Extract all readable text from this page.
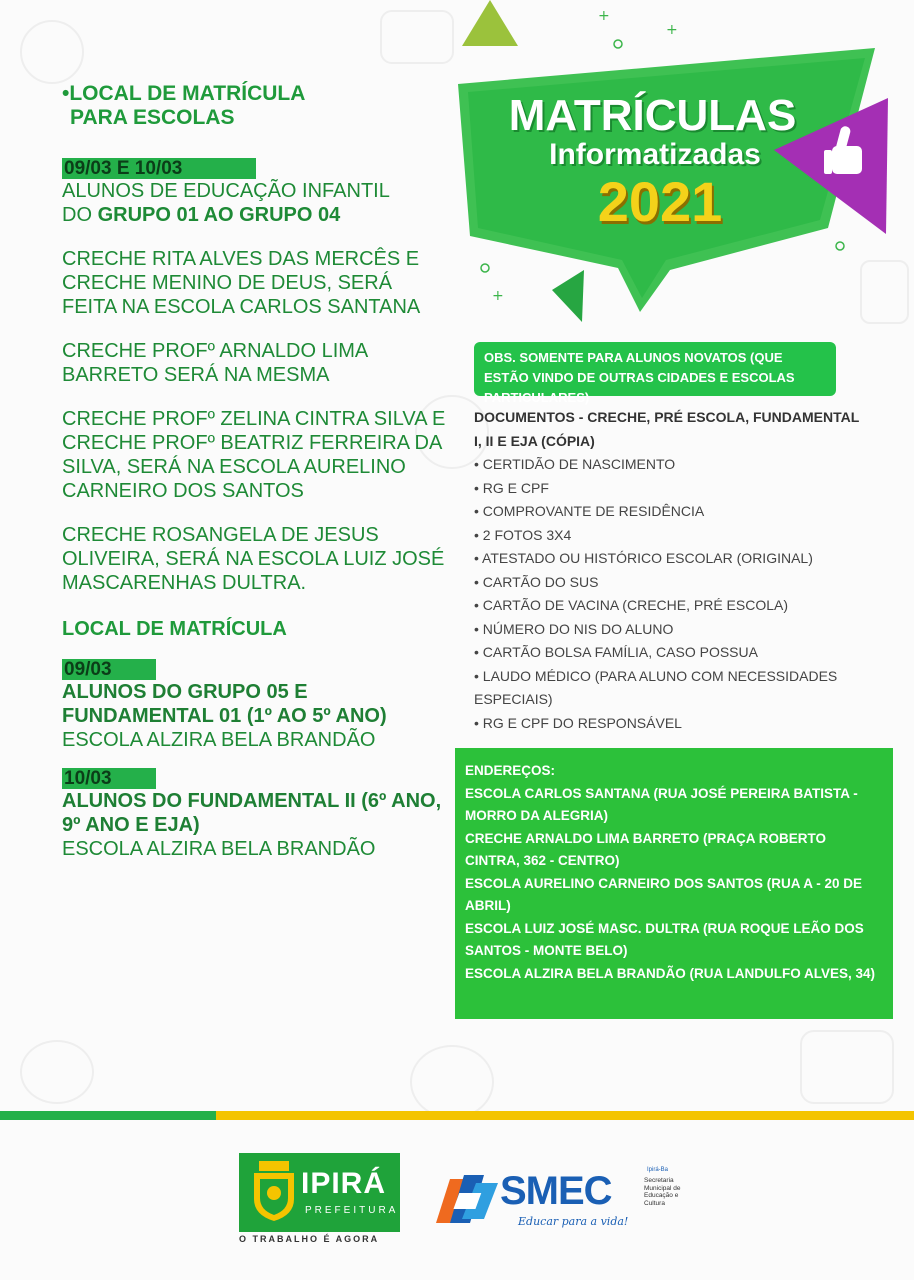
•LOCAL DE MATRÍCULA
PARA ESCOLAS
09/03 E 10/03
ALUNOS DE EDUCAÇÃO INFANTIL
DO GRUPO 01 AO GRUPO 04
CRECHE RITA ALVES DAS MERCÊS E CRECHE MENINO DE DEUS, SERÁ FEITA NA ESCOLA CARLOS SANTANA
CRECHE PROFº ARNALDO LIMA BARRETO SERÁ NA MESMA
CRECHE PROFº ZELINA CINTRA SILVA E CRECHE PROFº BEATRIZ FERREIRA DA SILVA, SERÁ NA ESCOLA AURELINO CARNEIRO DOS SANTOS
CRECHE ROSANGELA DE JESUS OLIVEIRA, SERÁ NA ESCOLA LUIZ JOSÉ MASCARENHAS DULTRA.
LOCAL DE MATRÍCULA
09/03
ALUNOS DO GRUPO 05 E FUNDAMENTAL 01 (1º AO 5º ANO)
ESCOLA ALZIRA BELA BRANDÃO
10/03
ALUNOS DO FUNDAMENTAL II (6º ANO, 9º ANO E EJA)
ESCOLA ALZIRA BELA BRANDÃO
+
+
+
MATRÍCULAS
Informatizadas
2021
OBS. SOMENTE PARA ALUNOS NOVATOS (QUE ESTÃO VINDO DE OUTRAS CIDADES E ESCOLAS PARTICULARES)
DOCUMENTOS - CRECHE, PRÉ ESCOLA, FUNDAMENTAL I, II E EJA (CÓPIA)
• CERTIDÃO DE NASCIMENTO
• RG E CPF
• COMPROVANTE DE RESIDÊNCIA
• 2 FOTOS 3X4
• ATESTADO OU HISTÓRICO ESCOLAR (ORIGINAL)
• CARTÃO DO SUS
• CARTÃO DE VACINA (CRECHE, PRÉ ESCOLA)
• NÚMERO DO NIS DO ALUNO
• CARTÃO BOLSA FAMÍLIA, CASO POSSUA
• LAUDO MÉDICO (PARA ALUNO COM NECESSIDADES ESPECIAIS)
• RG E CPF DO RESPONSÁVEL
ENDEREÇOS:
ESCOLA CARLOS SANTANA (RUA JOSÉ PEREIRA BATISTA - MORRO DA ALEGRIA)
CRECHE ARNALDO LIMA BARRETO (PRAÇA ROBERTO CINTRA, 362 - CENTRO)
ESCOLA AURELINO CARNEIRO DOS SANTOS (RUA A - 20 DE ABRIL)
ESCOLA LUIZ JOSÉ MASC. DULTRA (RUA ROQUE LEÃO DOS SANTOS - MONTE BELO)
ESCOLA ALZIRA BELA BRANDÃO (RUA LANDULFO ALVES, 34)
IPIRÁ
PREFEITURA
O TRABALHO É AGORA
SMEC	Ipirá-Ba
Secretaria Municipal de Educação e Cultura
Educar para a vida!
